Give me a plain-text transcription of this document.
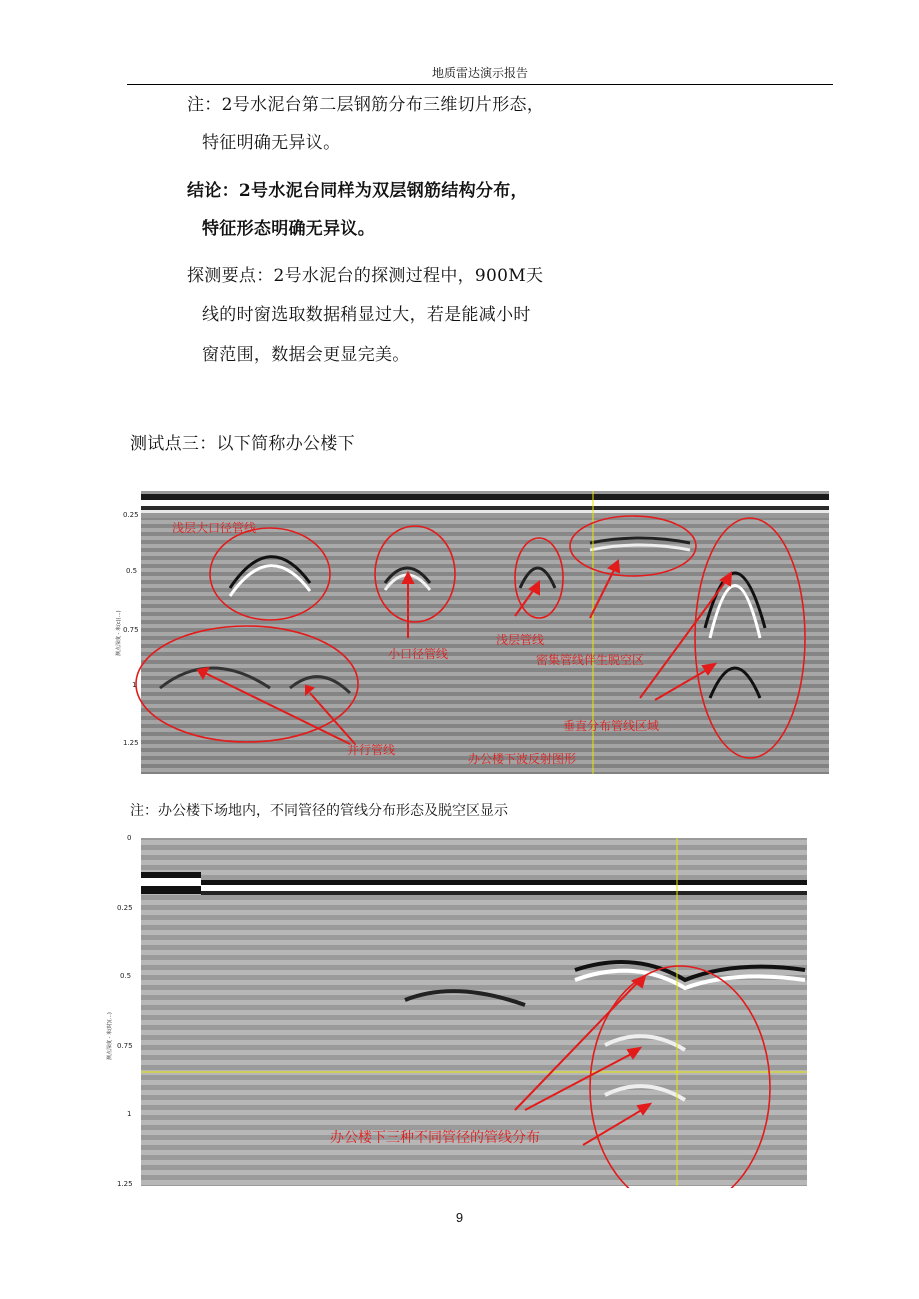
地质雷达演示报告
注：2号水泥台第二层钢筋分布三维切片形态，
特征明确无异议。
结论：2号水泥台同样为双层钢筋结构分布，
特征形态明确无异议。
探测要点：2号水泥台的探测过程中，900M天
线的时窗选取数据稍显过大，若是能减小时
窗范围，数据会更显完美。
测试点三：以下简称办公楼下
0.25
0.5
0.75
1
1.25
测点深度 - 米(c)(…)
浅层大口径管线
小口径管线
浅层管线
密集管线伴生脱空区
垂直分布管线区域
并行管线
办公楼下波反射图形
注：办公楼下场地内，不同管径的管线分布形态及脱空区显示
0
0.25
0.5
0.75
1
1.25
测点深度 - 米(时)(…)
办公楼下三种不同管径的管线分布
9
